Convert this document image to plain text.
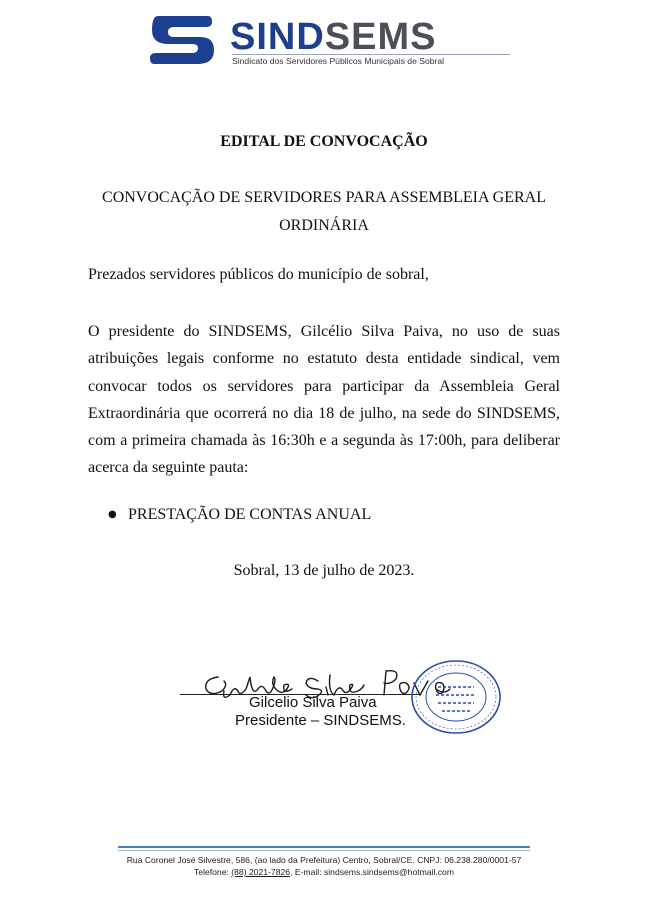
SINDSEMS
Sindicato dos Servidores Públicos Municipais de Sobral
EDITAL DE CONVOCAÇÃO
CONVOCAÇÃO DE SERVIDORES PARA ASSEMBLEIA GERAL ORDINÁRIA
Prezados servidores públicos do município de sobral,
O presidente do SINDSEMS, Gilcélio Silva Paiva, no uso de suas atribuições legais conforme no estatuto desta entidade sindical, vem convocar todos os servidores para participar da Assembleia Geral Extraordinária que ocorrerá no dia 18 de julho, na sede do SINDSEMS, com a primeira chamada às 16:30h e a segunda às 17:00h, para deliberar acerca da seguinte pauta:
● PRESTAÇÃO DE CONTAS ANUAL
Sobral, 13 de julho de 2023.
Gilcelio Silva Paiva
Presidente – SINDSEMS.
Rua Coronel José Silvestre, 586, (ao lado da Prefeitura) Centro, Sobral/CE. CNPJ: 06.238.280/0001-57
Telefone: (88) 2021-7826, E-mail: sindsems.sindsems@hotmail.com
